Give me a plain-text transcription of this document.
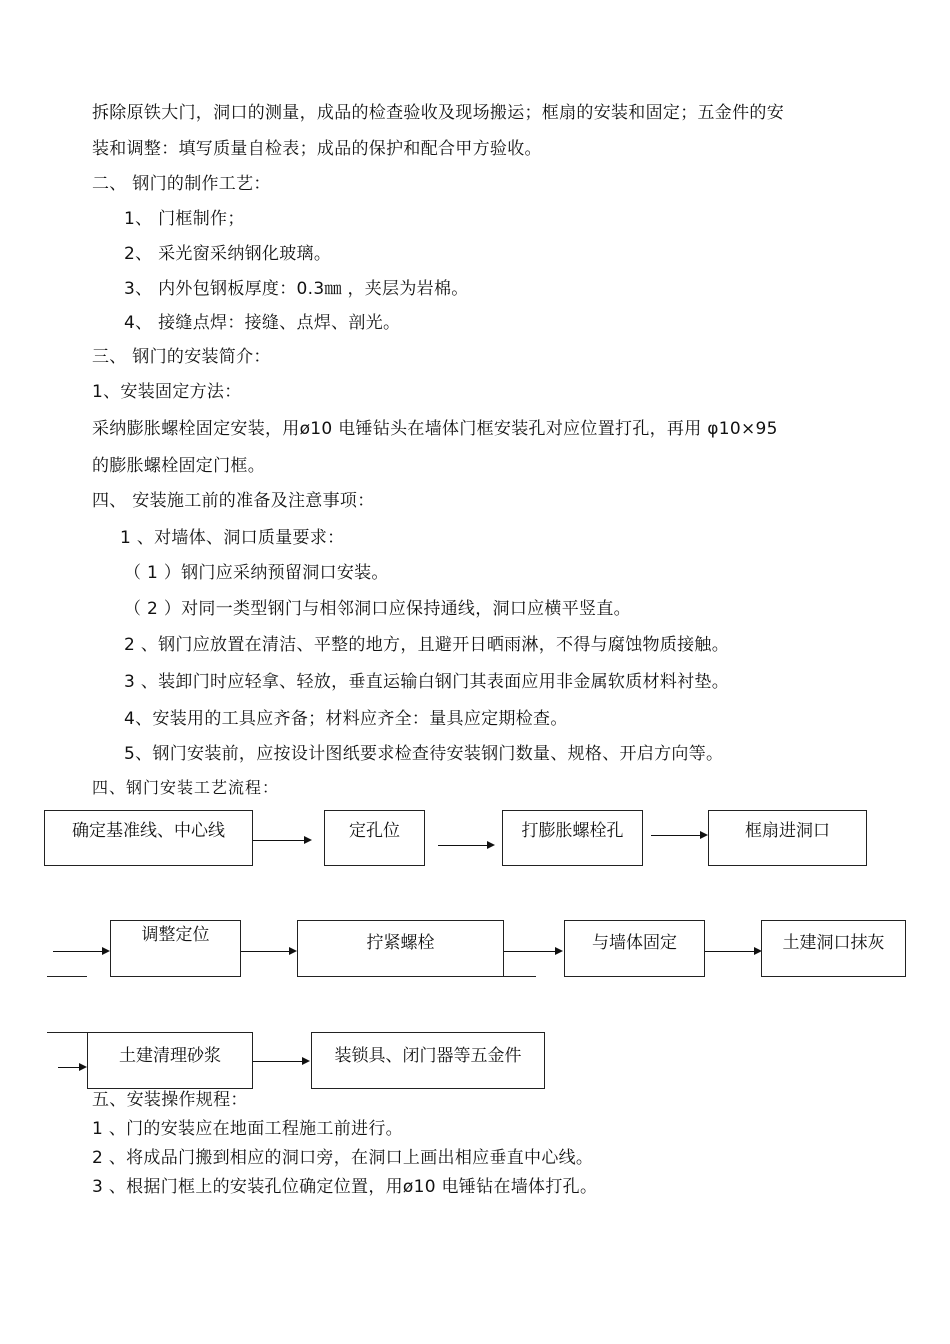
拆除原铁大门，洞口的测量，成品的检查验收及现场搬运；框扇的安装和固定；五金件的安
装和调整：填写质量自检表；成品的保护和配合甲方验收。
二、 钢门的制作工艺：
1、 门框制作；
2、 采光窗采纳钢化玻璃。
3、 内外包钢板厚度：0.3㎜ ，夹层为岩棉。
4、 接缝点焊：接缝、点焊、剖光。
三、 钢门的安装简介：
1、安装固定方法：
采纳膨胀螺栓固定安装，用ø10 电锤钻头在墙体门框安装孔对应位置打孔，再用 φ10×95
的膨胀螺栓固定门框。
四、 安装施工前的准备及注意事项：
1 、对墙体、洞口质量要求：
（ 1 ）钢门应采纳预留洞口安装。
（ 2 ）对同一类型钢门与相邻洞口应保持通线，洞口应横平竖直。
2 、钢门应放置在清洁、平整的地方，且避开日晒雨淋，不得与腐蚀物质接触。
3 、装卸门时应轻拿、轻放，垂直运输白钢门其表面应用非金属软质材料衬垫。
4、安装用的工具应齐备；材料应齐全：量具应定期检查。
5、钢门安装前，应按设计图纸要求检查待安装钢门数量、规格、开启方向等。
四、钢门安装工艺流程：
确定基准线、中心线	定孔位	打膨胀螺栓孔	框扇进洞口
调整定位	拧紧螺栓	与墙体固定	土建洞口抹灰
土建清理砂浆	装锁具、闭门器等五金件
五、安装操作规程：
1 、门的安装应在地面工程施工前进行。
2 、将成品门搬到相应的洞口旁，在洞口上画出相应垂直中心线。
3 、根据门框上的安装孔位确定位置，用ø10 电锤钻在墙体打孔。
